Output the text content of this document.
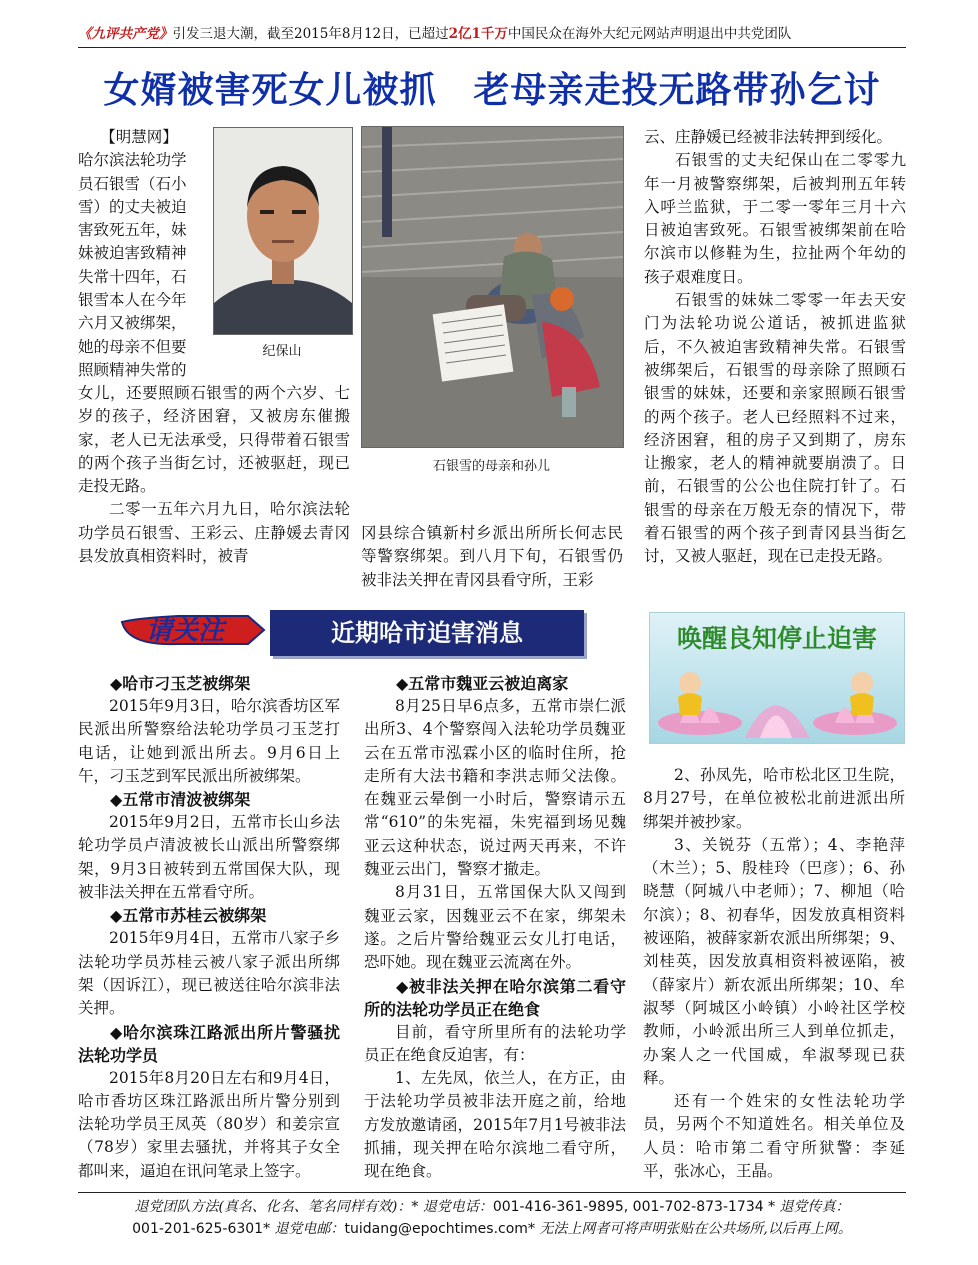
《九评共产党》引发三退大潮，截至2015年8月12日，已超过2亿1千万中国民众在海外大纪元网站声明退出中共党团队
女婿被害死女儿被抓　老母亲走投无路带孙乞讨
【明慧网】
哈尔滨法轮功学
员石银雪（石小
雪）的丈夫被迫
害致死五年，妹
妹被迫害致精神
失常十四年，石
银雪本人在今年
六月又被绑架，
她的母亲不但要
照顾精神失常的
纪保山

女儿，还要照顾石银雪的两个六岁、七岁的孩子，经济困窘，又被房东催搬家，老人已无法承受，只得带着石银雪的两个孩子当街乞讨，还被驱赶，现已走投无路。

二零一五年六月九日，哈尔滨法轮功学员石银雪、王彩云、庄静媛去青冈县发放真相资料时，被青

石银雪的母亲和孙儿

冈县综合镇新村乡派出所所长何志民等警察绑架。到八月下旬，石银雪仍被非法关押在青冈县看守所，王彩

云、庄静媛已经被非法转押到绥化。

石银雪的丈夫纪保山在二零零九年一月被警察绑架，后被判刑五年转入呼兰监狱，于二零一零年三月十六日被迫害致死。石银雪被绑架前在哈尔滨市以修鞋为生，拉扯两个年幼的孩子艰难度日。

石银雪的妹妹二零零一年去天安门为法轮功说公道话，被抓进监狱后，不久被迫害致精神失常。石银雪被绑架后，石银雪的母亲除了照顾石银雪的妹妹，还要和亲家照顾石银雪的两个孩子。老人已经照料不过来，经济困窘，租的房子又到期了，房东让搬家，老人的精神就要崩溃了。日前，石银雪的公公也住院打针了。石银雪的母亲在万般无奈的情况下，带着石银雪的两个孩子到青冈县当街乞讨，又被人驱赶，现在已走投无路。

请关注	近期哈市迫害消息	唤醒良知停止迫害
◆哈市刁玉芝被绑架

2015年9月3日，哈尔滨香坊区军民派出所警察给法轮功学员刁玉芝打电话，让她到派出所去。9月6日上午，刁玉芝到军民派出所被绑架。

◆五常市清波被绑架

2015年9月2日，五常市长山乡法轮功学员卢清波被长山派出所警察绑架，9月3日被转到五常国保大队，现被非法关押在五常看守所。

◆五常市苏桂云被绑架

2015年9月4日，五常市八家子乡法轮功学员苏桂云被八家子派出所绑架（因诉江），现已被送往哈尔滨非法关押。

◆哈尔滨珠江路派出所片警骚扰法轮功学员

2015年8月20日左右和9月4日，哈市香坊区珠江路派出所片警分别到法轮功学员王凤英（80岁）和姜宗宣（78岁）家里去骚扰，并将其子女全都叫来，逼迫在讯问笔录上签字。

◆五常市魏亚云被迫离家

8月25日早6点多，五常市崇仁派出所3、4个警察闯入法轮功学员魏亚云在五常市泓霖小区的临时住所，抢走所有大法书籍和李洪志师父法像。在魏亚云晕倒一小时后，警察请示五常“610”的朱宪福，朱宪福到场见魏亚云这种状态，说过两天再来，不许魏亚云出门，警察才撤走。

8月31日，五常国保大队又闯到魏亚云家，因魏亚云不在家，绑架未遂。之后片警给魏亚云女儿打电话，恐吓她。现在魏亚云流离在外。

◆被非法关押在哈尔滨第二看守所的法轮功学员正在绝食

目前，看守所里所有的法轮功学员正在绝食反迫害，有：

1、左先凤，依兰人，在方正，由于法轮功学员被非法开庭之前，给地方发放邀请函，2015年7月1号被非法抓捕，现关押在哈尔滨地二看守所，现在绝食。

2、孙凤先，哈市松北区卫生院，8月27号，在单位被松北前进派出所绑架并被抄家。

3、关锐芬（五常）；4、李艳萍（木兰）；5、殷桂玲（巴彦）；6、孙晓慧（阿城八中老师）；7、柳旭（哈尔滨）；8、初春华，因发放真相资料被诬陷，被薛家新农派出所绑架；9、刘桂英，因发放真相资料被诬陷，被（薛家片）新农派出所绑架；10、牟淑琴（阿城区小岭镇）小岭社区学校教师，小岭派出所三人到单位抓走，办案人之一代国威，牟淑琴现已获释。

还有一个姓宋的女性法轮功学员，另两个不知道姓名。相关单位及人员：哈市第二看守所狱警：李延平，张冰心，王晶。

退党团队方法(真名、化名、笔名同样有效)：* 退党电话：001-416-361-9895, 001-702-873-1734 * 退党传真：
001-201-625-6301* 退党电邮：tuidang@epochtimes.com* 无法上网者可将声明张贴在公共场所,以后再上网。
